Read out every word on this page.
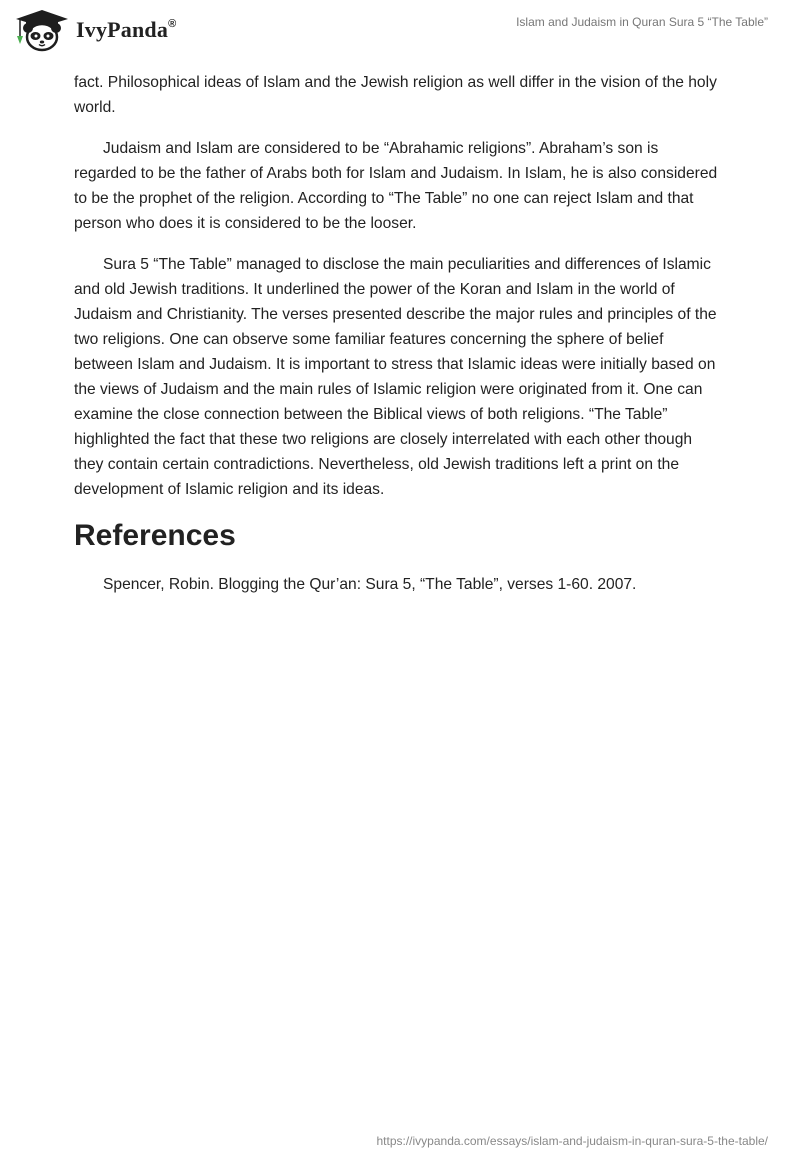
IvyPanda®	Islam and Judaism in Quran Sura 5 “The Table”

fact. Philosophical ideas of Islam and the Jewish religion as well differ in the vision of the holy world.

Judaism and Islam are considered to be “Abrahamic religions”. Abraham’s son is regarded to be the father of Arabs both for Islam and Judaism. In Islam, he is also considered to be the prophet of the religion. According to “The Table” no one can reject Islam and that person who does it is considered to be the looser.

Sura 5 “The Table” managed to disclose the main peculiarities and differences of Islamic and old Jewish traditions. It underlined the power of the Koran and Islam in the world of Judaism and Christianity. The verses presented describe the major rules and principles of the two religions. One can observe some familiar features concerning the sphere of belief between Islam and Judaism. It is important to stress that Islamic ideas were initially based on the views of Judaism and the main rules of Islamic religion were originated from it. One can examine the close connection between the Biblical views of both religions. “The Table” highlighted the fact that these two religions are closely interrelated with each other though they contain certain contradictions. Nevertheless, old Jewish traditions left a print on the development of Islamic religion and its ideas.

References

Spencer, Robin. Blogging the Qur’an: Sura 5, “The Table”, verses 1-60. 2007.

https://ivypanda.com/essays/islam-and-judaism-in-quran-sura-5-the-table/
